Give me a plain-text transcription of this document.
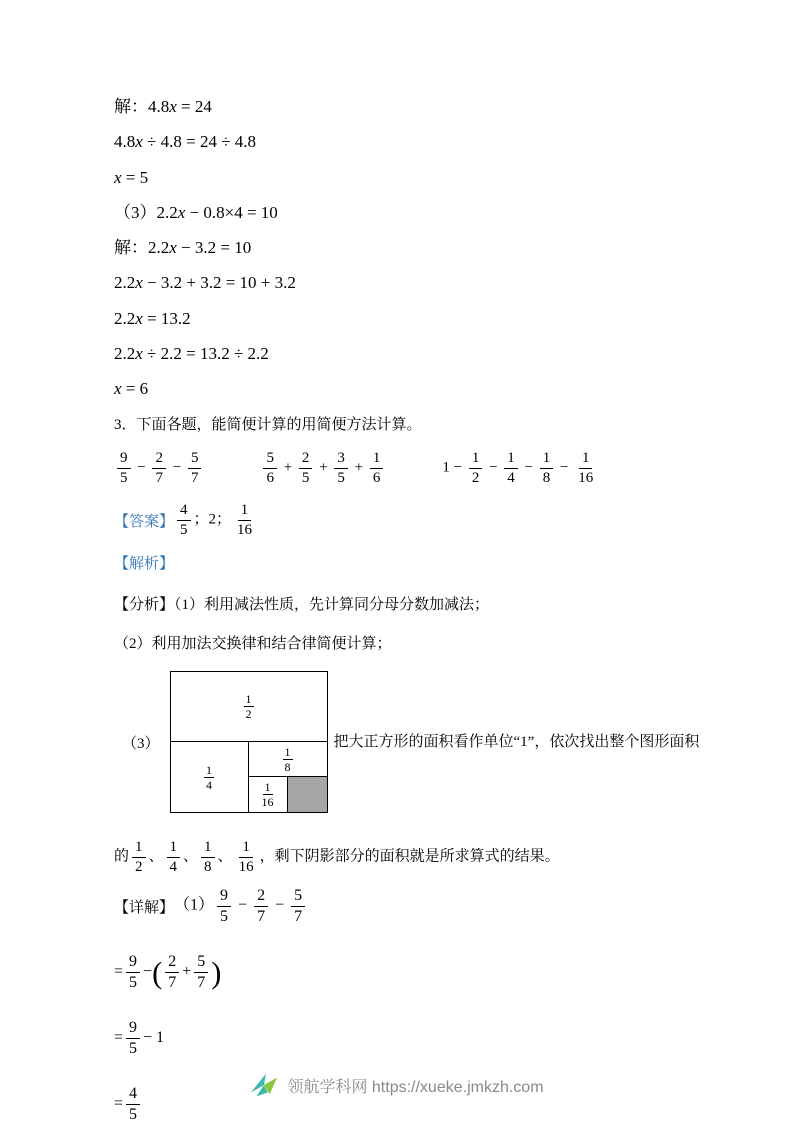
解：4.8x = 24
4.8x ÷ 4.8 = 24 ÷ 4.8
x = 5
（3）2.2x − 0.8×4 = 10
解：2.2x − 3.2 = 10
2.2x − 3.2 + 3.2 = 10 + 3.2
2.2x = 13.2
2.2x ÷ 2.2 = 13.2 ÷ 2.2
x = 6
3．下面各题，能简便计算的用简便方法计算。
$\frac{9}{5} - \frac{2}{7} - \frac{5}{7}$	$\frac{5}{6} + \frac{2}{5} + \frac{3}{5} + \frac{1}{6}$	$1 - \frac{1}{2} - \frac{1}{4} - \frac{1}{8} - \frac{1}{16}$
【答案】 $\frac{4}{5}$ ；2； $\frac{1}{16}$
【解析】
【分析】（1）利用减法性质，先计算同分母分数加减法；
（2）利用加法交换律和结合律简便计算；
（3）
$\frac{1}{2}$
$\frac{1}{4}$
$\frac{1}{8}$
$\frac{1}{16}$
把大正方形的面积看作单位“1”，依次找出整个图形面积
的 $\frac{1}{2}$ 、 $\frac{1}{4}$ 、 $\frac{1}{8}$ 、 $\frac{1}{16}$ ，剩下阴影部分的面积就是所求算式的结果。
【详解】 $(1) \frac{9}{5} - \frac{2}{7} - \frac{5}{7}$
= $\frac{9}{5}$ − ( $\frac{2}{7} + \frac{5}{7}$ )
= $\frac{9}{5} - 1$
= $\frac{4}{5}$	领航学科网 https://xueke.jmkzh.com
